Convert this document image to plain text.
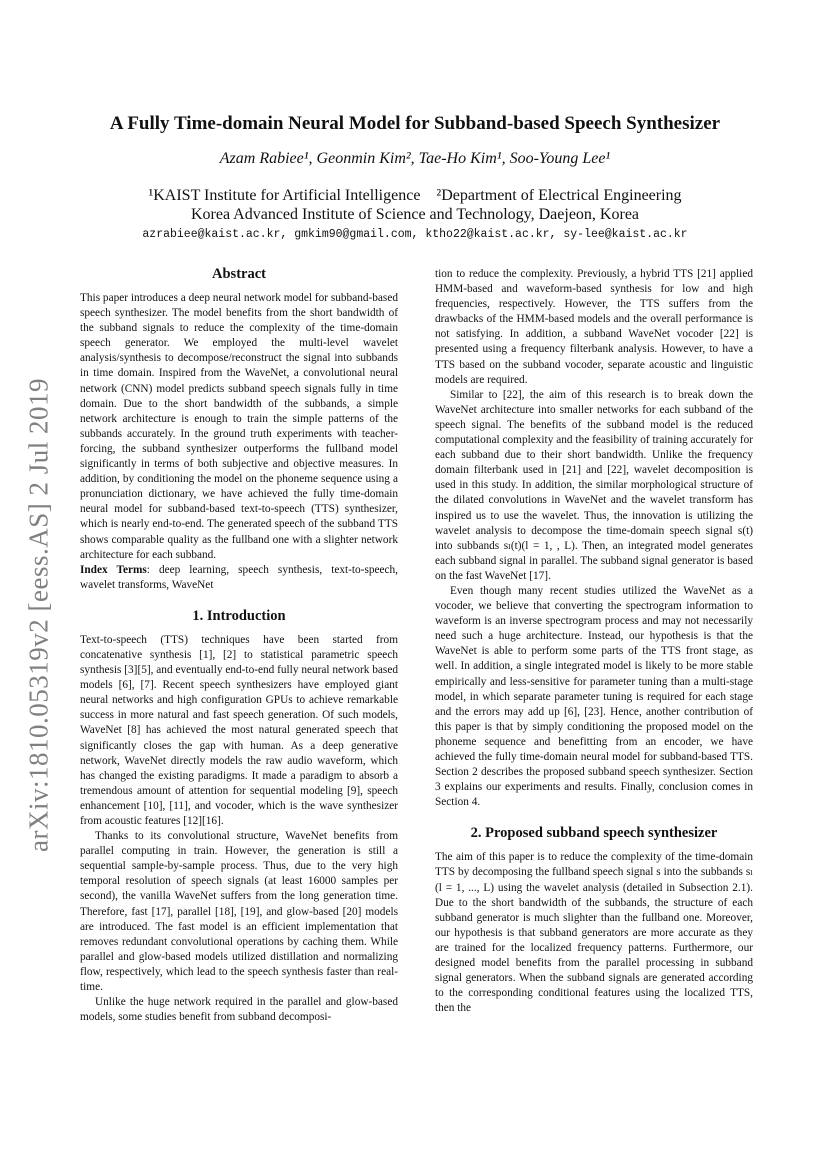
arXiv:1810.05319v2 [eess.AS] 2 Jul 2019
A Fully Time-domain Neural Model for Subband-based Speech Synthesizer
Azam Rabiee¹, Geonmin Kim², Tae-Ho Kim¹, Soo-Young Lee¹
¹KAIST Institute for Artificial Intelligence    ²Department of Electrical Engineering
Korea Advanced Institute of Science and Technology, Daejeon, Korea
azrabiee@kaist.ac.kr, gmkim90@gmail.com, ktho22@kaist.ac.kr, sy-lee@kaist.ac.kr
Abstract

This paper introduces a deep neural network model for subband-based speech synthesizer. The model benefits from the short bandwidth of the subband signals to reduce the complexity of the time-domain speech generator. We employed the multi-level wavelet analysis/synthesis to decompose/reconstruct the signal into subbands in time domain. Inspired from the WaveNet, a convolutional neural network (CNN) model predicts subband speech signals fully in time domain. Due to the short bandwidth of the subbands, a simple network architecture is enough to train the simple patterns of the subbands accurately. In the ground truth experiments with teacher-forcing, the subband synthesizer outperforms the fullband model significantly in terms of both subjective and objective measures. In addition, by conditioning the model on the phoneme sequence using a pronunciation dictionary, we have achieved the fully time-domain neural model for subband-based text-to-speech (TTS) synthesizer, which is nearly end-to-end. The generated speech of the subband TTS shows comparable quality as the fullband one with a slighter network architecture for each subband.

Index Terms: deep learning, speech synthesis, text-to-speech, wavelet transforms, WaveNet

1. Introduction

Text-to-speech (TTS) techniques have been started from concatenative synthesis [1], [2] to statistical parametric speech synthesis [3][5], and eventually end-to-end fully neural network based models [6], [7]. Recent speech synthesizers have employed giant neural networks and high configuration GPUs to achieve remarkable success in more natural and fast speech generation. Of such models, WaveNet [8] has achieved the most natural generated speech that significantly closes the gap with human. As a deep generative network, WaveNet directly models the raw audio waveform, which has changed the existing paradigms. It made a paradigm to absorb a tremendous amount of attention for sequential modeling [9], speech enhancement [10], [11], and vocoder, which is the wave synthesizer from acoustic features [12][16].

Thanks to its convolutional structure, WaveNet benefits from parallel computing in train. However, the generation is still a sequential sample-by-sample process. Thus, due to the very high temporal resolution of speech signals (at least 16000 samples per second), the vanilla WaveNet suffers from the long generation time. Therefore, fast [17], parallel [18], [19], and glow-based [20] models are introduced. The fast model is an efficient implementation that removes redundant convolutional operations by caching them. While parallel and glow-based models utilized distillation and normalizing flow, respectively, which lead to the speech synthesis faster than real-time.

Unlike the huge network required in the parallel and glow-based models, some studies benefit from subband decomposi-

tion to reduce the complexity. Previously, a hybrid TTS [21] applied HMM-based and waveform-based synthesis for low and high frequencies, respectively. However, the TTS suffers from the drawbacks of the HMM-based models and the overall performance is not satisfying. In addition, a subband WaveNet vocoder [22] is presented using a frequency filterbank analysis. However, to have a TTS based on the subband vocoder, separate acoustic and linguistic models are required.

Similar to [22], the aim of this research is to break down the WaveNet architecture into smaller networks for each subband of the speech signal. The benefits of the subband model is the reduced computational complexity and the feasibility of training accurately for each subband due to their short bandwidth. Unlike the frequency domain filterbank used in [21] and [22], wavelet decomposition is used in this study. In addition, the similar morphological structure of the dilated convolutions in WaveNet and the wavelet transform has inspired us to use the wavelet. Thus, the innovation is utilizing the wavelet analysis to decompose the time-domain speech signal s(t) into subbands sₗ(t)(l = 1, , L). Then, an integrated model generates each subband signal in parallel. The subband signal generator is based on the fast WaveNet [17].

Even though many recent studies utilized the WaveNet as a vocoder, we believe that converting the spectrogram information to waveform is an inverse spectrogram process and may not necessarily need such a huge architecture. Instead, our hypothesis is that the WaveNet is able to perform some parts of the TTS front stage, as well. In addition, a single integrated model is likely to be more stable empirically and less-sensitive for parameter tuning than a multi-stage model, in which separate parameter tuning is required for each stage and the errors may add up [6], [23]. Hence, another contribution of this paper is that by simply conditioning the proposed model on the phoneme sequence and benefitting from an encoder, we have achieved the fully time-domain neural model for subband-based TTS. Section 2 describes the proposed subband speech synthesizer. Section 3 explains our experiments and results. Finally, conclusion comes in Section 4.

2. Proposed subband speech synthesizer

The aim of this paper is to reduce the complexity of the time-domain TTS by decomposing the fullband speech signal s into the subbands sₗ (l = 1, ..., L) using the wavelet analysis (detailed in Subsection 2.1). Due to the short bandwidth of the subbands, the structure of each subband generator is much slighter than the fullband one. Moreover, our hypothesis is that subband generators are more accurate as they are trained for the localized frequency patterns. Furthermore, our designed model benefits from the parallel processing in subband signal generators. When the subband signals are generated according to the corresponding conditional features using the localized TTS, then the
